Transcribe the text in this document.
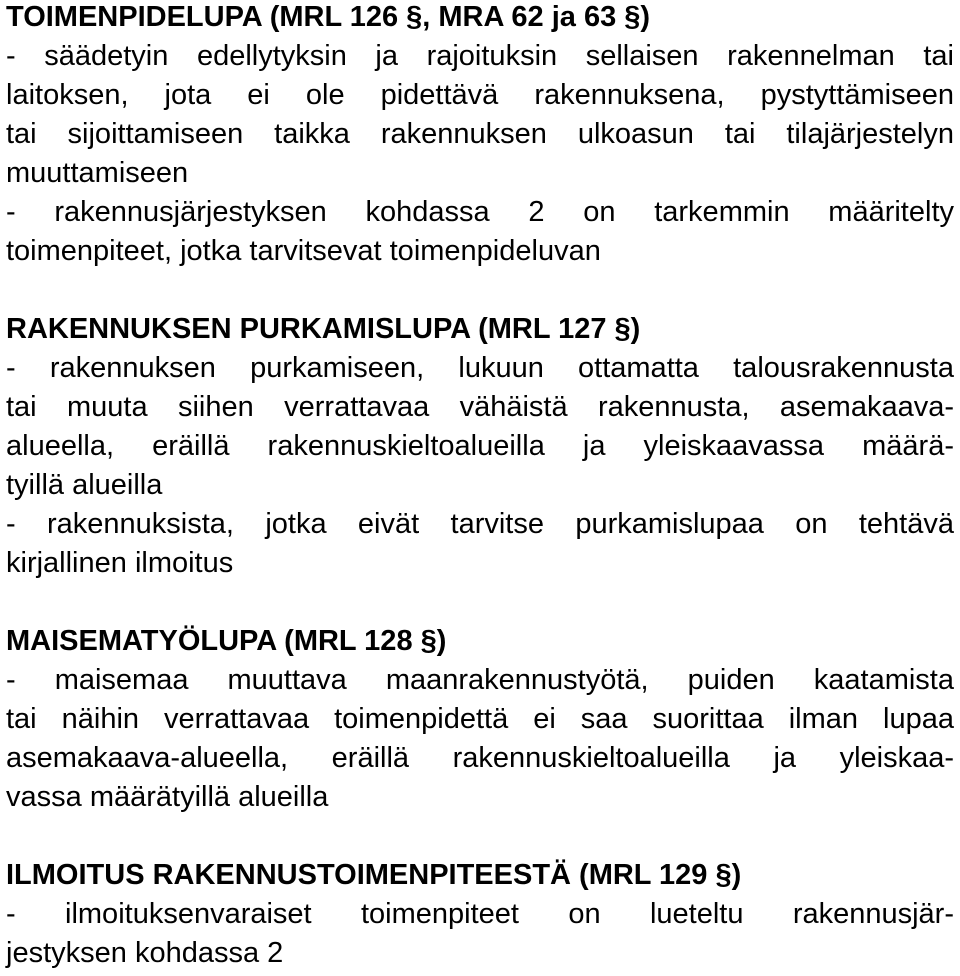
TOIMENPIDELUPA (MRL 126 §, MRA 62 ja 63 §)
- säädetyin edellytyksin ja rajoituksin sellaisen rakennelman tai
laitoksen, jota ei ole pidettävä rakennuksena, pystyttämiseen
tai sijoittamiseen taikka rakennuksen ulkoasun tai tilajärjestelyn
muuttamiseen
- rakennusjärjestyksen kohdassa 2 on tarkemmin määritelty
toimenpiteet, jotka tarvitsevat toimenpideluvan
RAKENNUKSEN PURKAMISLUPA (MRL 127 §)
- rakennuksen purkamiseen, lukuun ottamatta talousrakennusta
tai muuta siihen verrattavaa vähäistä rakennusta, asemakaava-
alueella, eräillä rakennuskieltoalueilla ja yleiskaavassa määrä-
tyillä alueilla
- rakennuksista, jotka eivät tarvitse purkamislupaa on tehtävä
kirjallinen ilmoitus
MAISEMATYÖLUPA (MRL 128 §)
- maisemaa muuttava maanrakennustyötä, puiden kaatamista
tai näihin verrattavaa toimenpidettä ei saa suorittaa ilman lupaa
asemakaava-alueella, eräillä rakennuskieltoalueilla ja yleiskaa-
vassa määrätyillä alueilla
ILMOITUS RAKENNUSTOIMENPITEESTÄ (MRL 129 §)
- ilmoituksenvaraiset toimenpiteet on lueteltu rakennusjär-
jestyksen kohdassa 2
